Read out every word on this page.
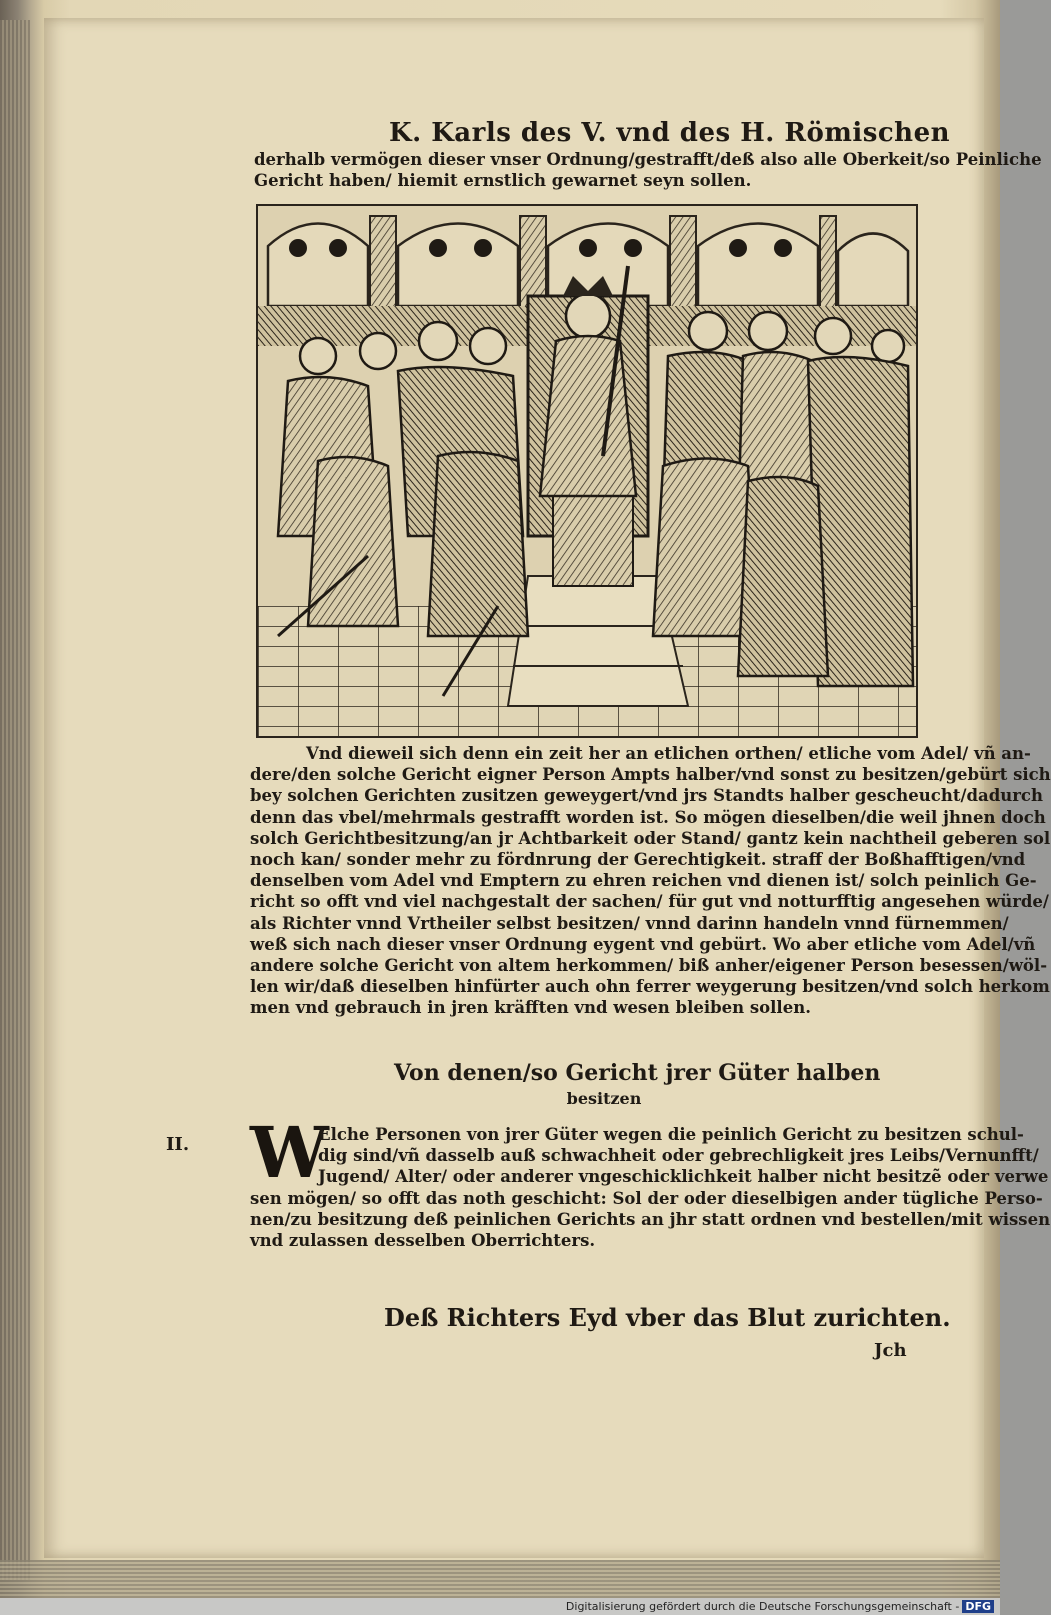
K. Karls des V. vnd des H. Römischen
derhalb vermögen dieser vnser Ordnung/gestrafft/deß also alle Oberkeit/so Peinliche
Gericht haben/ hiemit ernstlich gewarnet seyn sollen.
Vnd dieweil sich denn ein zeit her an etlichen orthen/ etliche vom Adel/ vñ an-
dere/den solche Gericht eigner Person Ampts halber/vnd sonst zu besitzen/gebürt sich
bey solchen Gerichten zusitzen geweygert/vnd jrs Standts halber gescheucht/dadurch
denn das vbel/mehrmals gestrafft worden ist. So mögen dieselben/die weil jhnen doch
solch Gerichtbesitzung/an jr Achtbarkeit oder Stand/ gantz kein nachtheil geberen sol
noch kan/ sonder mehr zu fördnrung der Gerechtigkeit. straff der Boßhafftigen/vnd
denselben vom Adel vnd Emptern zu ehren reichen vnd dienen ist/ solch peinlich Ge-
richt so offt vnd viel nachgestalt der sachen/ für gut vnd notturfftig angesehen würde/
als Richter vnnd Vrtheiler selbst besitzen/ vnnd darinn handeln vnnd fürnemmen/
weß sich nach dieser vnser Ordnung eygent vnd gebürt. Wo aber etliche vom Adel/vñ
andere solche Gericht von altem herkommen/ biß anher/eigener Person besessen/wöl-
len wir/daß dieselben hinfürter auch ohn ferrer weygerung besitzen/vnd solch herkom
men vnd gebrauch in jren kräfften vnd wesen bleiben sollen.
Von denen/so Gericht jrer Güter halben
besitzen
II. W
Elche Personen von jrer Güter wegen die peinlich Gericht zu besitzen schul-
dig sind/vñ dasselb auß schwachheit oder gebrechligkeit jres Leibs/Vernunfft/
Jugend/ Alter/ oder anderer vngeschicklichkeit halber nicht besitzẽ oder verwe
sen mögen/ so offt das noth geschicht: Sol der oder dieselbigen ander tügliche Perso-
nen/zu besitzung deß peinlichen Gerichts an jhr statt ordnen vnd bestellen/mit wissen
vnd zulassen desselben Oberrichters.
Deß Richters Eyd vber das Blut zurichten.
Jch
Digitalisierung gefördert durch die Deutsche Forschungsgemeinschaft - DFG
